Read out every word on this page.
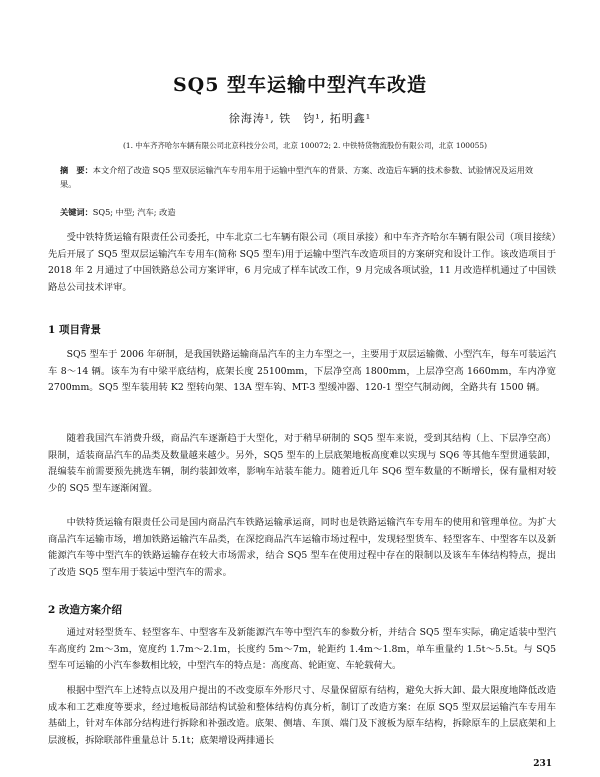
SQ5 型车运输中型汽车改造
徐海涛¹, 铁　钧¹, 拓明鑫¹
(1. 中车齐齐哈尔车辆有限公司北京科技分公司，北京 100072; 2. 中铁特货物流股份有限公司，北京 100055)
摘　要：本文介绍了改造 SQ5 型双层运输汽车专用车用于运输中型汽车的背景、方案、改造后车辆的技术参数、试验情况及运用效果。
关键词：SQ5; 中型; 汽车; 改造

受中铁特货运输有限责任公司委托，中车北京二七车辆有限公司（项目承接）和中车齐齐哈尔车辆有限公司（项目接续）先后开展了 SQ5 型双层运输汽车专用车(简称 SQ5 型车)用于运输中型汽车改造项目的方案研究和设计工作。该改造项目于 2018 年 2 月通过了中国铁路总公司方案评审，6 月完成了样车试改工作，9 月完成各项试验，11 月改造样机通过了中国铁路总公司技术评审。

1 项目背景

SQ5 型车于 2006 年研制，是我国铁路运输商品汽车的主力车型之一，主要用于双层运输微、小型汽车，每车可装运汽车 8～14 辆。该车为有中梁平底结构，底架长度 25100mm，下层净空高 1800mm，上层净空高 1660mm，车内净宽 2700mm。SQ5 型车装用转 K2 型转向架、13A 型车钩、MT-3 型缓冲器、120-1 型空气制动阀，全路共有 1500 辆。

随着我国汽车消费升级，商品汽车逐渐趋于大型化，对于稍早研制的 SQ5 型车来说，受到其结构（上、下层净空高）限制，适装商品汽车的品类及数量越来越少。另外，SQ5 型车的上层底架地板高度难以实现与 SQ6 等其他车型贯通装卸，混编装车前需要预先挑选车辆，制约装卸效率，影响车站装车能力。随着近几年 SQ6 型车数量的不断增长，保有量相对较少的 SQ5 型车逐渐闲置。

中铁特货运输有限责任公司是国内商品汽车铁路运输承运商，同时也是铁路运输汽车专用车的使用和管理单位。为扩大商品汽车运输市场，增加铁路运输汽车品类，在深挖商品汽车运输市场过程中，发现轻型货车、轻型客车、中型客车以及新能源汽车等中型汽车的铁路运输存在较大市场需求，结合 SQ5 型车在使用过程中存在的限制以及该车车体结构特点，提出了改造 SQ5 型车用于装运中型汽车的需求。

2 改造方案介绍

通过对轻型货车、轻型客车、中型客车及新能源汽车等中型汽车的参数分析，并结合 SQ5 型车实际，确定适装中型汽车高度约 2m～3m，宽度约 1.7m～2.1m，长度约 5m～7m，轮距约 1.4m～1.8m，单车重量约 1.5t～5.5t。与 SQ5 型车可运输的小汽车参数相比较，中型汽车的特点是：高度高、轮距宽、车轮载荷大。

根据中型汽车上述特点以及用户提出的不改变原车外形尺寸、尽量保留原有结构，避免大拆大卸、最大限度地降低改造成本和工艺难度等要求，经过地板局部结构试验和整体结构仿真分析，制订了改造方案：在原 SQ5 型双层运输汽车专用车基础上，针对车体部分结构进行拆除和补强改造。底架、侧墙、车顶、端门及下渡板为原车结构，拆除原车的上层底架和上层渡板，拆除联部件重量总计 5.1t；底架增设两排通长

231
